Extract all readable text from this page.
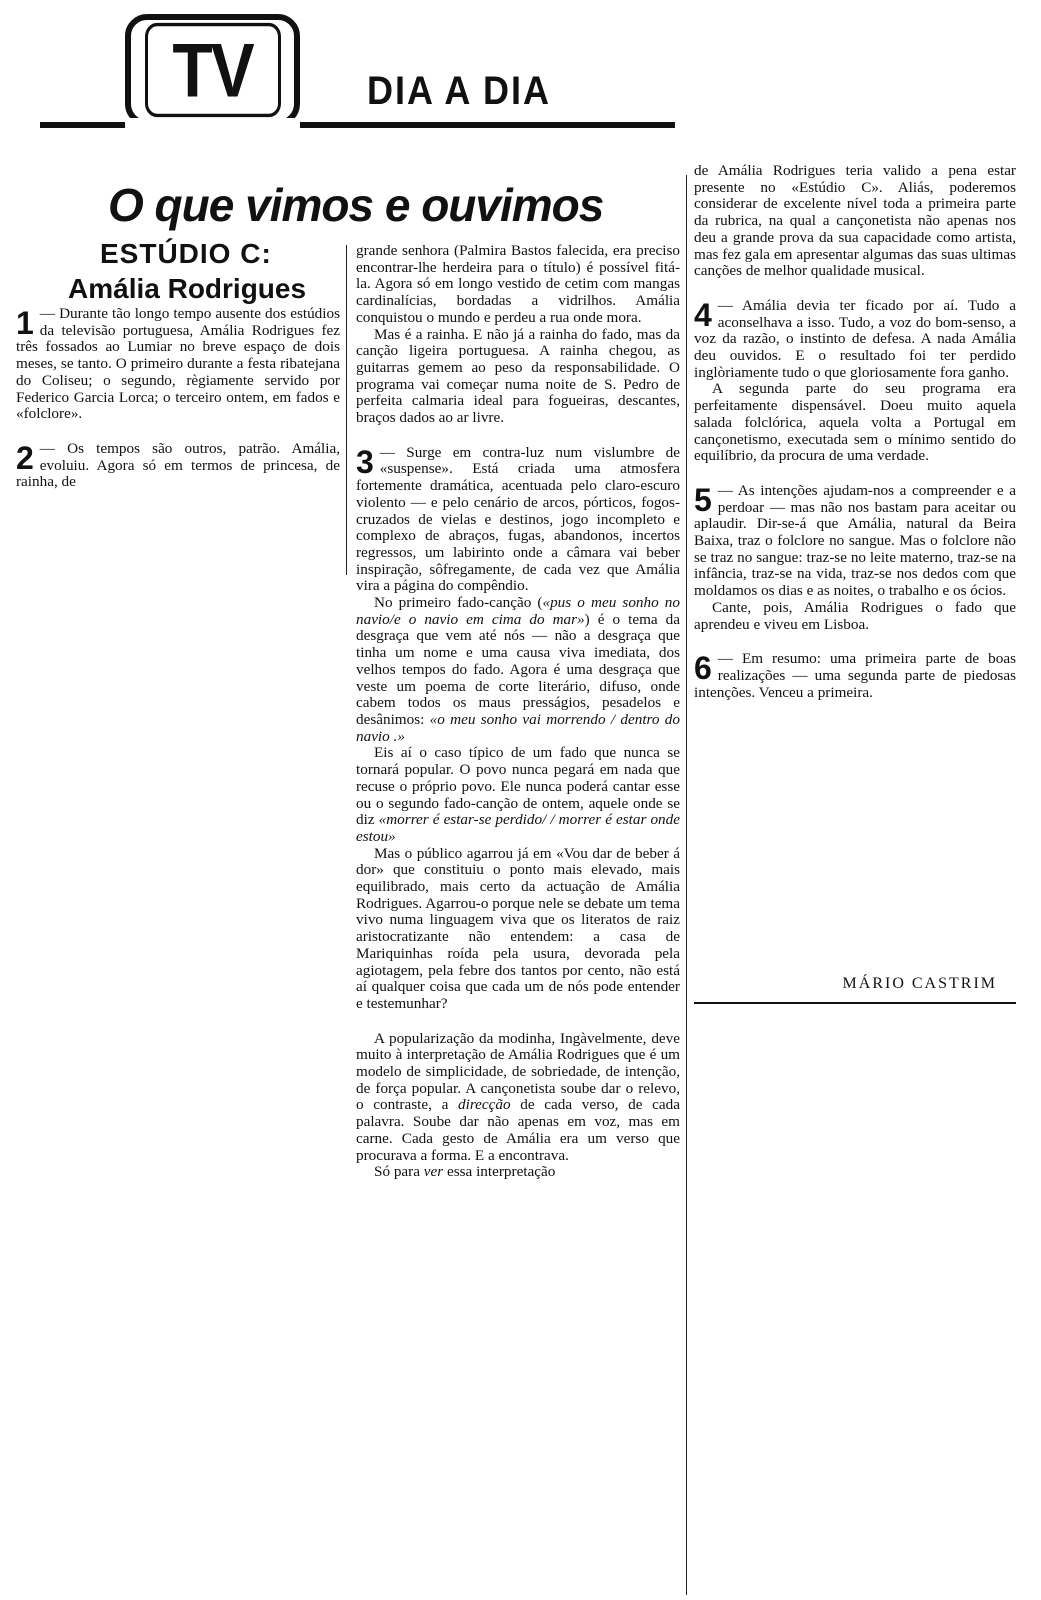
TV	DIA A DIA
O que vimos e ouvimos
ESTÚDIO C:
Amália Rodrigues

1 — Durante tão longo tempo ausente dos estúdios da televisão portuguesa, Amália Rodrigues fez três fossados ao Lumiar no breve espaço de dois meses, se tanto. O primeiro durante a festa ribatejana do Coliseu; o segundo, règiamente servido por Federico Garcia Lorca; o terceiro ontem, em fados e «folclore».

2 — Os tempos são outros, patrão. Amália, evoluiu. Agora só em termos de princesa, de rainha, de

grande senhora (Palmira Bastos falecida, era preciso encontrar-lhe herdeira para o título) é possível fitá-la. Agora só em longo vestido de cetim com mangas cardinalícias, bordadas a vidrilhos. Amália conquistou o mundo e perdeu a rua onde mora.

Mas é a rainha. E não já a rainha do fado, mas da canção ligeira portuguesa. A rainha chegou, as guitarras gemem ao peso da responsabilidade. O programa vai começar numa noite de S. Pedro de perfeita calmaria ideal para fogueiras, descantes, braços dados ao ar livre.

3 — Surge em contra-luz num vislumbre de «suspense». Está criada uma atmosfera fortemente dramática, acentuada pelo claro-escuro violento — e pelo cenário de arcos, pórticos, fogos-cruzados de vielas e destinos, jogo incompleto e complexo de abraços, fugas, abandonos, incertos regressos, um labirinto onde a câmara vai beber inspiração, sôfregamente, de cada vez que Amália vira a página do compêndio.

No primeiro fado-canção («pus o meu sonho no navio/e o navio em cima do mar») é o tema da desgraça que vem até nós — não a desgraça que tinha um nome e uma causa viva imediata, dos velhos tempos do fado. Agora é uma desgraça que veste um poema de corte literário, difuso, onde cabem todos os maus presságios, pesadelos e desânimos: «o meu sonho vai morrendo / dentro do navio .»

Eis aí o caso típico de um fado que nunca se tornará popular. O povo nunca pegará em nada que recuse o próprio povo. Ele nunca poderá cantar esse ou o segundo fado-canção de ontem, aquele onde se diz «morrer é estar-se perdido/ / morrer é estar onde estou»

Mas o público agarrou já em «Vou dar de beber á dor» que constituiu o ponto mais elevado, mais equilibrado, mais certo da actuação de Amália Rodrigues. Agarrou-o porque nele se debate um tema vivo numa linguagem viva que os literatos de raiz aristocratizante não entendem: a casa de Mariquinhas roída pela usura, devorada pela agiotagem, pela febre dos tantos por cento, não está aí qualquer coisa que cada um de nós pode entender e testemunhar?

A popularização da modinha, Ingàvelmente, deve muito à interpretação de Amália Rodrigues que é um modelo de simplicidade, de sobriedade, de intenção, de força popular. A cançonetista soube dar o relevo, o contraste, a direcção de cada verso, de cada palavra. Soube dar não apenas em voz, mas em carne. Cada gesto de Amália era um verso que procurava a forma. E a encontrava.

Só para ver essa interpretação

de Amália Rodrigues teria valido a pena estar presente no «Estúdio C». Aliás, poderemos considerar de excelente nível toda a primeira parte da rubrica, na qual a cançonetista não apenas nos deu a grande prova da sua capacidade como artista, mas fez gala em apresentar algumas das suas ultimas canções de melhor qualidade musical.

4 — Amália devia ter ficado por aí. Tudo a aconselhava a isso. Tudo, a voz do bom-senso, a voz da razão, o instinto de defesa. A nada Amália deu ouvidos. E o resultado foi ter perdido inglòriamente tudo o que gloriosamente fora ganho.

A segunda parte do seu programa era perfeitamente dispensável. Doeu muito aquela salada folclórica, aquela volta a Portugal em cançonetismo, executada sem o mínimo sentido do equilíbrio, da procura de uma verdade.

5 — As intenções ajudam-nos a compreender e a perdoar — mas não nos bastam para aceitar ou aplaudir. Dir-se-á que Amália, natural da Beira Baixa, traz o folclore no sangue. Mas o folclore não se traz no sangue: traz-se no leite materno, traz-se na infância, traz-se na vida, traz-se nos dedos com que moldamos os dias e as noites, o trabalho e os ócios.

Cante, pois, Amália Rodrigues o fado que aprendeu e viveu em Lisboa.

6 — Em resumo: uma primeira parte de boas realizações — uma segunda parte de piedosas intenções. Venceu a primeira.

MÁRIO CASTRIM
